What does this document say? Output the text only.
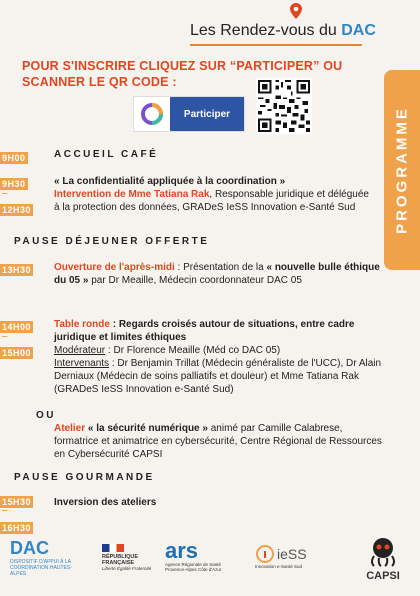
Les Rendez-vous du DAC
POUR S'INSCRIRE CLIQUEZ SUR “PARTICIPER” OU SCANNER LE QR CODE :
Participer	PROGRAMME
9H00	ACCUEIL CAFÉ
9H30
–
12H30
« La confidentialité appliquée à la coordination »
Intervention de Mme Tatiana Rak, Responsable juridique et déléguée à la protection des données, GRADeS IeSS Innovation e-Santé Sud
PAUSE DÉJEUNER OFFERTE
13H30 Ouverture de l'après-midi : Présentation de la « nouvelle bulle éthique du 05 » par Dr Meaille, Médecin coordonnateur DAC 05
14H00
–
15H00
Table ronde : Regards croisés autour de situations, entre cadre juridique et limites éthiques
Modérateur : Dr Florence Meaille (Méd co DAC 05)
Intervenants : Dr Benjamin Trillat (Médecin généraliste de l'UCC), Dr Alain Derniaux (Médecin de soins palliatifs et douleur) et Mme Tatiana Rak (GRADeS IeSS Innovation e-Santé Sud)
OU
Atelier « la sécurité numérique » animé par Camille Calabrese, formatrice et animatrice en cybersécurité, Centre Régional de Ressources en Cybersécurité CAPSI
PAUSE GOURMANDE
15H30
–
16H30
Inversion des ateliers
DAC
DISPOSITIF D'APPUI À LA COORDINATION HAUTES-ALPES
RÉPUBLIQUE FRANÇAISE
Liberté Égalité Fraternité
ars
Agence Régionale de Santé Provence-Alpes Côte d'Azur
ieSS
Innovation e-Santé Sud
CAPSI
